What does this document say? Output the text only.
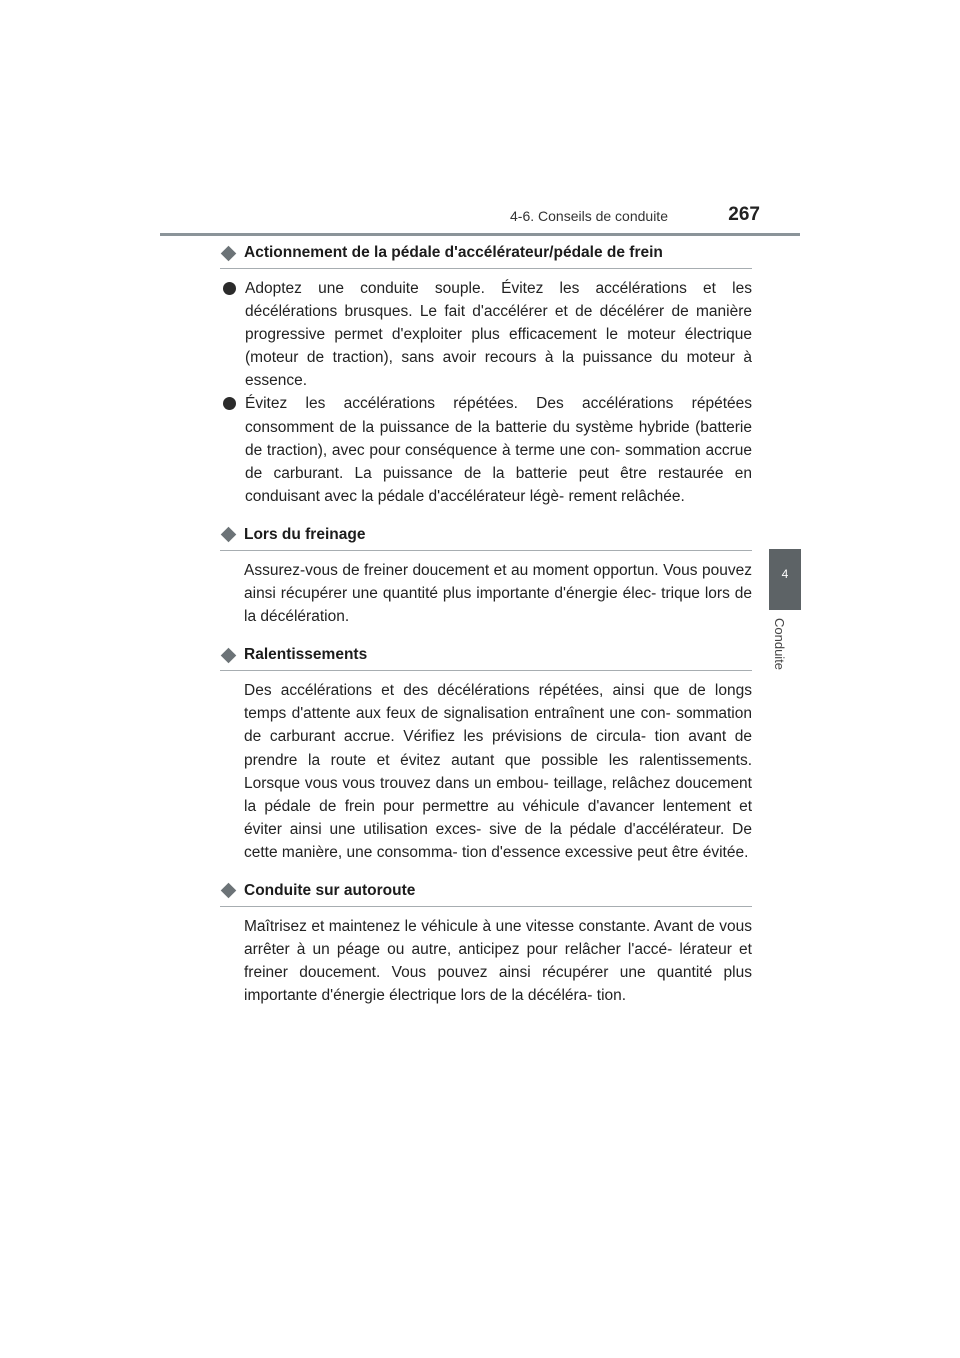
4-6. Conseils de conduite	267
4
Conduite
Actionnement de la pédale d'accélérateur/pédale de frein
Adoptez une conduite souple. Évitez les accélérations et les décélérations brusques. Le fait d'accélérer et de décélérer de manière progressive permet d'exploiter plus efficacement le moteur électrique (moteur de traction), sans avoir recours à la puissance du moteur à essence.
Évitez les accélérations répétées. Des accélérations répétées consomment de la puissance de la batterie du système hybride (batterie de traction), avec pour conséquence à terme une con- sommation accrue de carburant. La puissance de la batterie peut être restaurée en conduisant avec la pédale d'accélérateur légè- rement relâchée.
Lors du freinage
Assurez-vous de freiner doucement et au moment opportun. Vous pouvez ainsi récupérer une quantité plus importante d'énergie élec- trique lors de la décélération.
Ralentissements
Des accélérations et des décélérations répétées, ainsi que de longs temps d'attente aux feux de signalisation entraînent une con- sommation de carburant accrue. Vérifiez les prévisions de circula- tion avant de prendre la route et évitez autant que possible les ralentissements. Lorsque vous vous trouvez dans un embou- teillage, relâchez doucement la pédale de frein pour permettre au véhicule d'avancer lentement et éviter ainsi une utilisation exces- sive de la pédale d'accélérateur. De cette manière, une consomma- tion d'essence excessive peut être évitée.
Conduite sur autoroute
Maîtrisez et maintenez le véhicule à une vitesse constante. Avant de vous arrêter à un péage ou autre, anticipez pour relâcher l'accé- lérateur et freiner doucement. Vous pouvez ainsi récupérer une quantité plus importante d'énergie électrique lors de la décéléra- tion.
